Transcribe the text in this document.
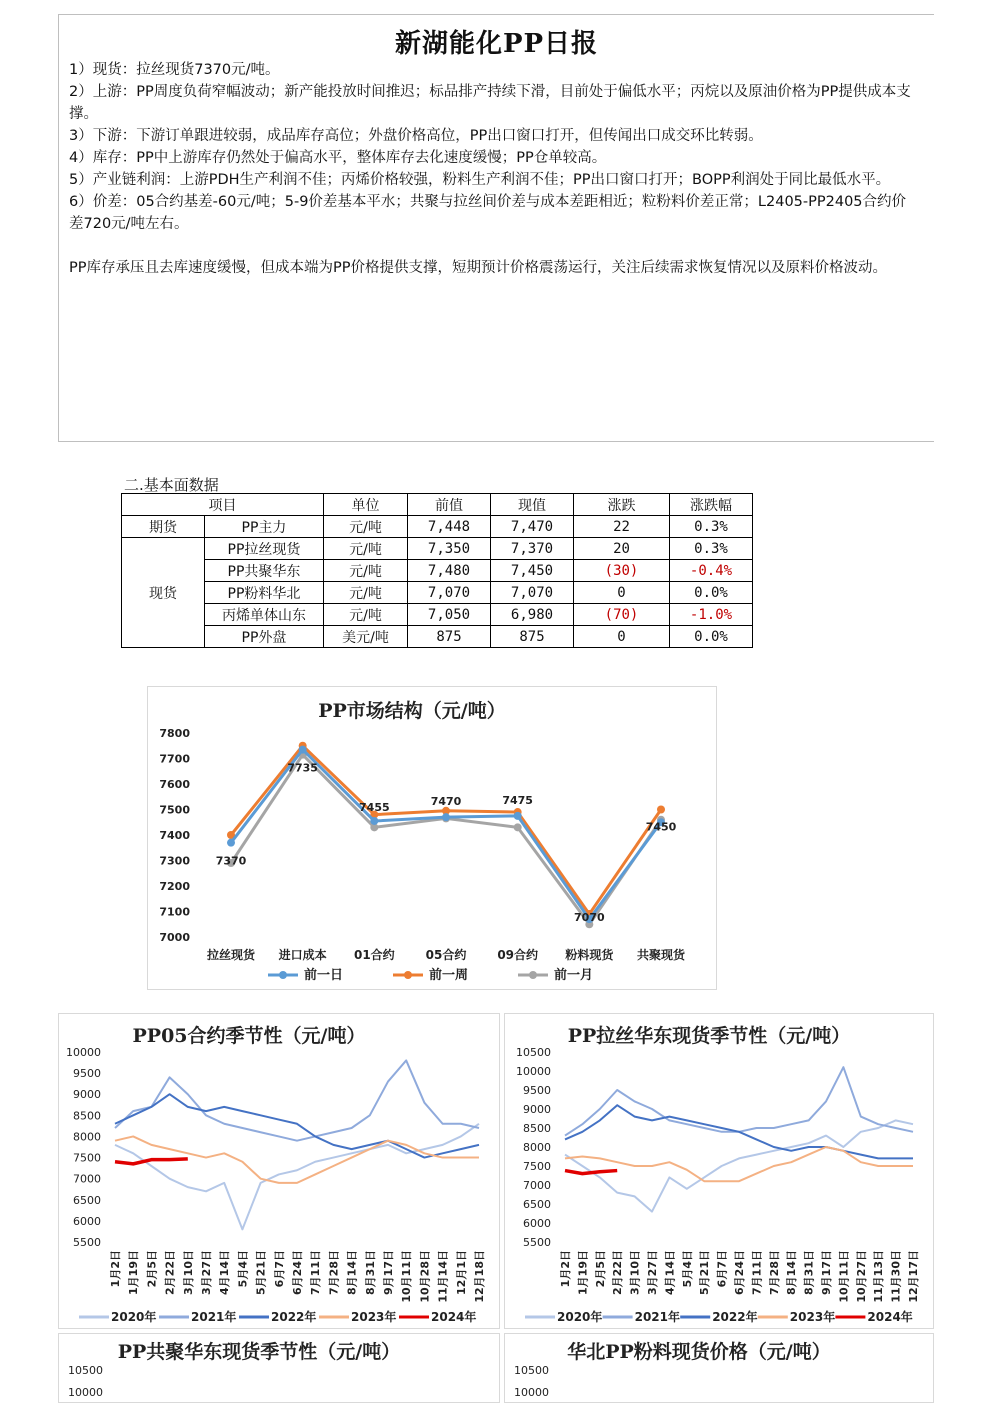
新湖能化PP日报

1）现货：拉丝现货7370元/吨。

2）上游：PP周度负荷窄幅波动；新产能投放时间推迟；标品排产持续下滑，目前处于偏低水平；丙烷以及原油价格为PP提供成本支撑。

3）下游：下游订单跟进较弱，成品库存高位；外盘价格高位，PP出口窗口打开，但传闻出口成交环比转弱。

4）库存：PP中上游库存仍然处于偏高水平，整体库存去化速度缓慢；PP仓单较高。

5）产业链利润：上游PDH生产利润不佳；丙烯价格较强，粉料生产利润不佳；PP出口窗口打开；BOPP利润处于同比最低水平。

6）价差：05合约基差-60元/吨；5-9价差基本平水；共聚与拉丝间价差与成本差距相近；粒粉料价差正常；L2405-PP2405合约价差720元/吨左右。

PP库存承压且去库速度缓慢，但成本端为PP价格提供支撑，短期预计价格震荡运行，关注后续需求恢复情况以及原料价格波动。

二.基本面数据
项目		单位	前值	现值	涨跌	涨跌幅
期货	PP主力	元/吨	7,448	7,470	22	0.3%
现货	PP拉丝现货	元/吨	7,350	7,370	20	0.3%
	PP共聚华东	元/吨	7,480	7,450	(30)	-0.4%
	PP粉料华北	元/吨	7,070	7,070	0	0.0%
	丙烯单体山东	元/吨	7,050	6,980	(70)	-1.0%
	PP外盘	美元/吨	875	875	0	0.0%
PP市场结构（元/吨）
7000
7100
7200
7300
7400
7500
7600
7700
7800
拉丝现货 进口成本 01合约	05合约	09合约 粉料现货 共聚现货
7370
7735
7455	7470	7475
7070
7450
前一日	前一周	前一月
PP05合约季节性（元/吨）
5500
6000
6500
7000
7500
8000
8500
9000
9500
10000
1月2日 1月19日 2月5日 2月22日 3月10日 3月27日 4月14日 5月4日 5月21日 6月7日 6月24日 7月11日 7月28日 8月14日 8月31日 9月17日 10月11日 10月28日 11月14日 12月1日 12月18日
2020年	2021年	2022年	2023年	2024年
PP拉丝华东现货季节性（元/吨）
5500
6000
6500
7000
7500
8000
8500
9000
9500
10000
10500
1月2日 1月19日 2月5日 2月22日 3月10日 3月27日 4月14日 5月4日 5月21日 6月7日 6月24日 7月11日 7月28日 8月14日 8月31日 9月17日 10月11日 10月27日 11月13日 11月30日 12月17日
2020年	2021年	2022年	2023年	2024年
PP共聚华东现货季节性（元/吨）
10500
10000
华北PP粉料现货价格（元/吨）
10500
10000
